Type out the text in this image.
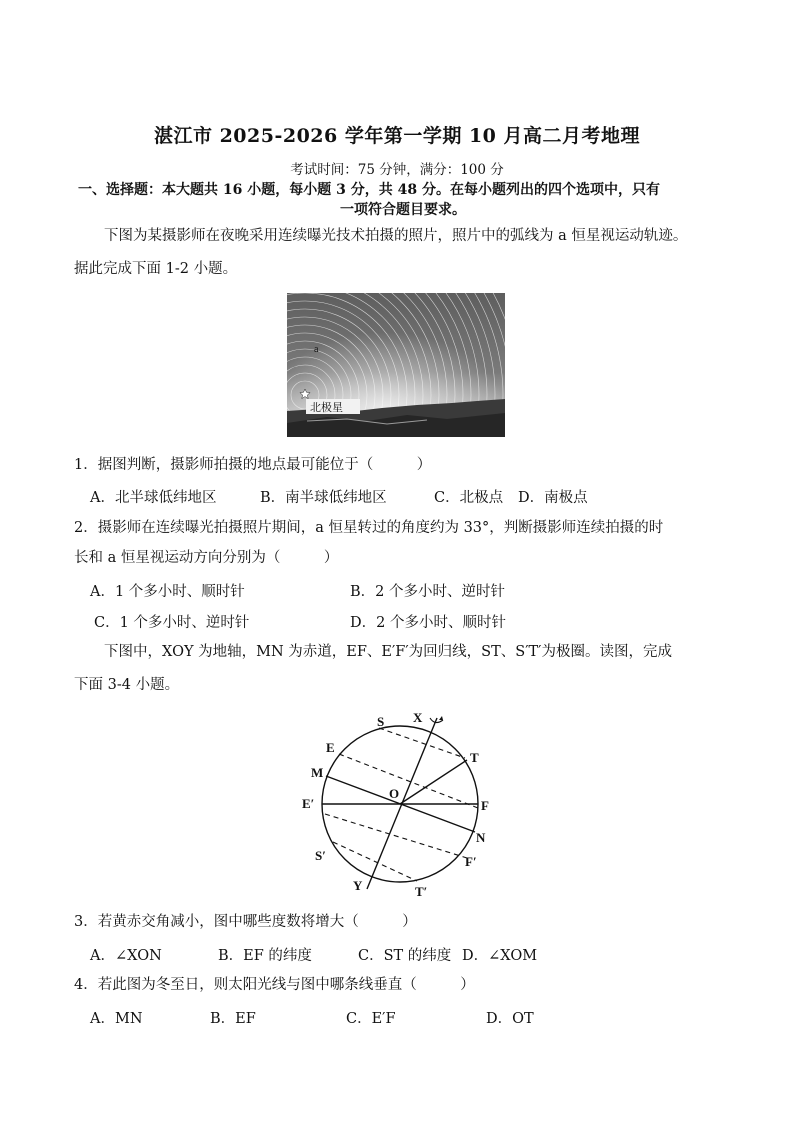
湛江市 2025-2026 学年第一学期 10 月高二月考地理
考试时间：75 分钟，满分：100 分
一、选择题：本大题共 16 小题，每小题 3 分，共 48 分。在每小题列出的四个选项中，只有
一项符合题目要求。
下图为某摄影师在夜晚采用连续曝光技术拍摄的照片，照片中的弧线为 a 恒星视运动轨迹。
据此完成下面 1-2 小题。
a
北极星
1．据图判断，摄影师拍摄的地点最可能位于（　　　）
A．北半球低纬地区	B．南半球低纬地区	C．北极点 D．南极点
2．摄影师在连续曝光拍摄照片期间，a 恒星转过的角度约为 33°，判断摄影师连续拍摄的时
长和 a 恒星视运动方向分别为（　　　）
A．1 个多小时、顺时针	B．2 个多小时、逆时针
C．1 个多小时、逆时针	D．2 个多小时、顺时针
下图中，XOY 为地轴，MN 为赤道，EF、E′F′为回归线，ST、S′T′为极圈。读图，完成
下面 3-4 小题。
S X
E
T
M
O
E′	F
N
S′	F′
Y	T′
3．若黄赤交角减小，图中哪些度数将增大（　　　）
A．∠XON	B．EF 的纬度	C．ST 的纬度 D．∠XOM
4．若此图为冬至日，则太阳光线与图中哪条线垂直（　　　）
A．MN	B．EF	C．E′F	D．OT
